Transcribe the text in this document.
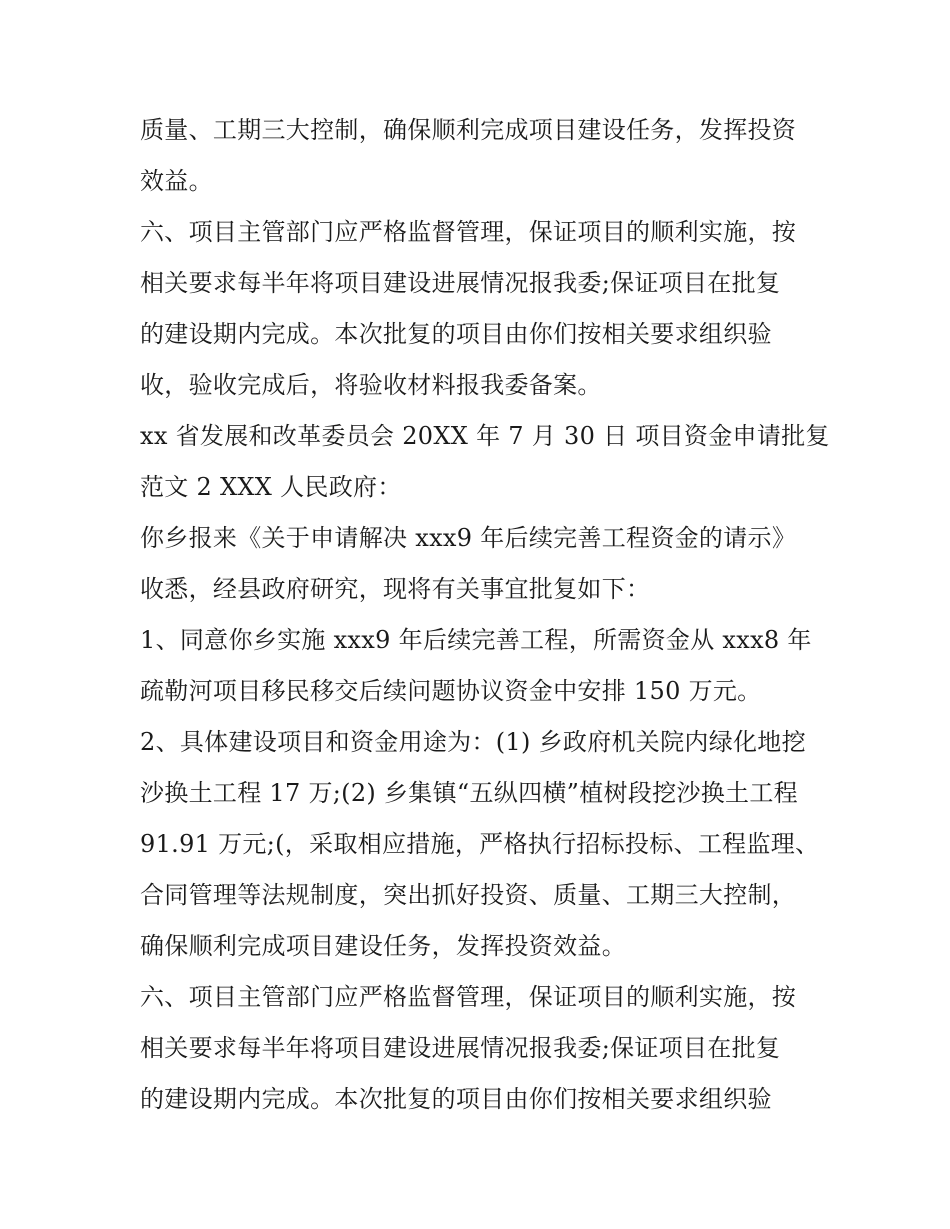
质量、工期三大控制，确保顺利完成项目建设任务，发挥投资
效益。
六、项目主管部门应严格监督管理，保证项目的顺利实施，按
相关要求每半年将项目建设进展情况报我委;保证项目在批复
的建设期内完成。本次批复的项目由你们按相关要求组织验
收，验收完成后，将验收材料报我委备案。
xx 省发展和改革委员会 20XX 年 7 月 30 日 项目资金申请批复
范文 2 XXX 人民政府：
你乡报来《关于申请解决 xxx9 年后续完善工程资金的请示》
收悉，经县政府研究，现将有关事宜批复如下：
1、同意你乡实施 xxx9 年后续完善工程，所需资金从 xxx8 年
疏勒河项目移民移交后续问题协议资金中安排 150 万元。
2、具体建设项目和资金用途为：(1) 乡政府机关院内绿化地挖
沙换土工程 17 万;(2) 乡集镇“五纵四横”植树段挖沙换土工程
91.91 万元;(，采取相应措施，严格执行招标投标、工程监理、
合同管理等法规制度，突出抓好投资、质量、工期三大控制，
确保顺利完成项目建设任务，发挥投资效益。
六、项目主管部门应严格监督管理，保证项目的顺利实施，按
相关要求每半年将项目建设进展情况报我委;保证项目在批复
的建设期内完成。本次批复的项目由你们按相关要求组织验
